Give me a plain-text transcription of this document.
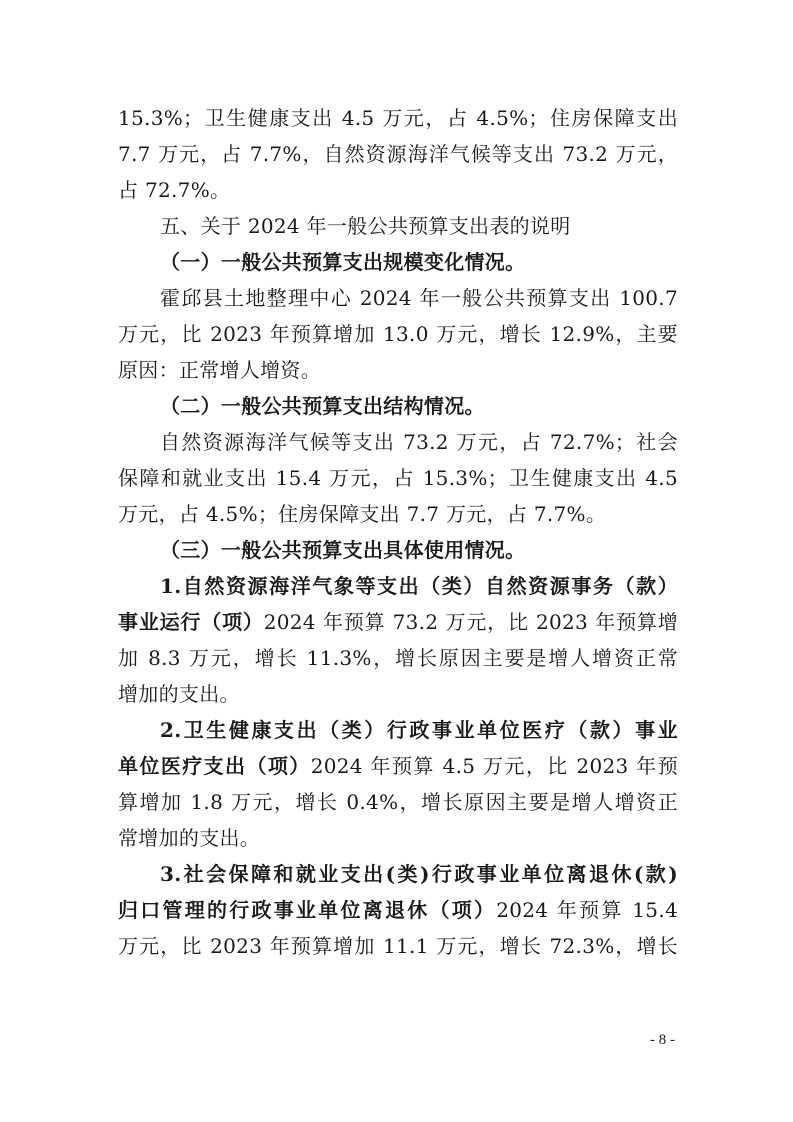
15.3%；卫生健康支出 4.5 万元，占 4.5%；住房保障支出
7.7 万元，占 7.7%，自然资源海洋气候等支出 73.2 万元，
占 72.7%。
五、关于 2024 年一般公共预算支出表的说明
（一）一般公共预算支出规模变化情况。
霍邱县土地整理中心 2024 年一般公共预算支出 100.7
万元，比 2023 年预算增加 13.0 万元，增长 12.9%，主要
原因：正常增人增资。
（二）一般公共预算支出结构情况。
自然资源海洋气候等支出 73.2 万元，占 72.7%；社会
保障和就业支出 15.4 万元，占 15.3%；卫生健康支出 4.5
万元，占 4.5%；住房保障支出 7.7 万元，占 7.7%。
（三）一般公共预算支出具体使用情况。
1.自然资源海洋气象等支出（类）自然资源事务（款）
事业运行（项）2024 年预算 73.2 万元，比 2023 年预算增
加 8.3 万元，增长 11.3%，增长原因主要是增人增资正常
增加的支出。
2.卫生健康支出（类）行政事业单位医疗（款）事业
单位医疗支出（项）2024 年预算 4.5 万元，比 2023 年预
算增加 1.8 万元，增长 0.4%，增长原因主要是增人增资正
常增加的支出。
3.社会保障和就业支出(类)行政事业单位离退休(款)
归口管理的行政事业单位离退休（项）2024 年预算 15.4
万元，比 2023 年预算增加 11.1 万元，增长 72.3%，增长
- 8 -
